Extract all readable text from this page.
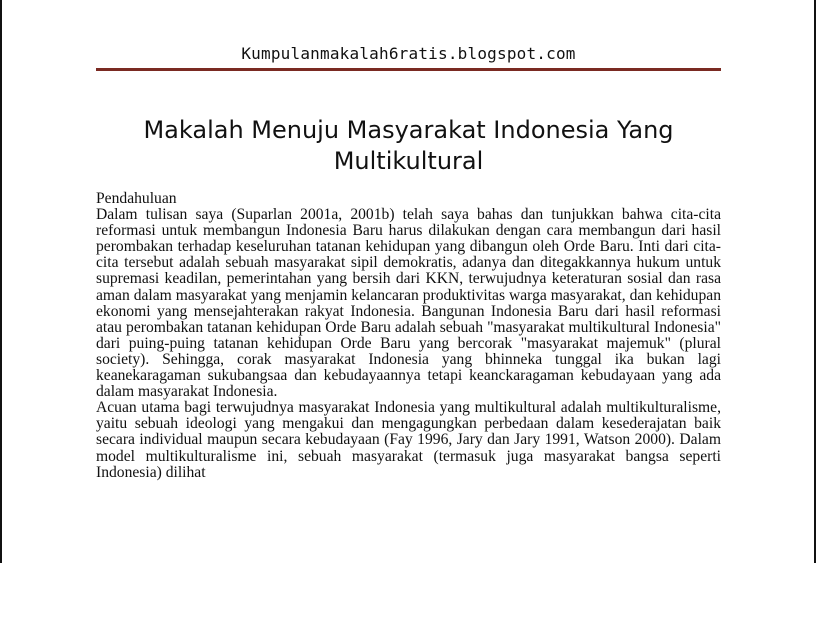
Kumpulanmakalah6ratis.blogspot.com
Makalah Menuju Masyarakat Indonesia Yang
Multikultural
Pendahuluan

Dalam tulisan saya (Suparlan 2001a, 2001b) telah saya bahas dan tunjukkan bahwa cita-cita reformasi untuk membangun Indonesia Baru harus dilakukan dengan cara membangun dari hasil perombakan terhadap keseluruhan tatanan kehidupan yang dibangun oleh Orde Baru. Inti dari cita-cita tersebut adalah sebuah masyarakat sipil demokratis, adanya dan ditegakkannya hukum untuk supremasi keadilan, pemerintahan yang bersih dari KKN, terwujudnya keteraturan sosial dan rasa aman dalam masyarakat yang menjamin kelancaran produktivitas warga masyarakat, dan kehidupan ekonomi yang mensejahterakan rakyat Indonesia. Bangunan Indonesia Baru dari hasil reformasi atau perombakan tatanan kehidupan Orde Baru adalah sebuah "masyarakat multikultural Indonesia" dari puing-puing tatanan kehidupan Orde Baru yang bercorak "masyarakat majemuk" (plural society). Sehingga, corak masyarakat Indonesia yang bhinneka tunggal ika bukan lagi keanekaragaman sukubangsaa dan kebudayaannya tetapi keanckaragaman kebudayaan yang ada dalam masyarakat Indonesia.

Acuan utama bagi terwujudnya masyarakat Indonesia yang multikultural adalah multikulturalisme, yaitu sebuah ideologi yang mengakui dan mengagungkan perbedaan dalam kesederajatan baik secara individual maupun secara kebudayaan (Fay 1996, Jary dan Jary 1991, Watson 2000). Dalam model multikulturalisme ini, sebuah masyarakat (termasuk juga masyarakat bangsa seperti Indonesia) dilihat
